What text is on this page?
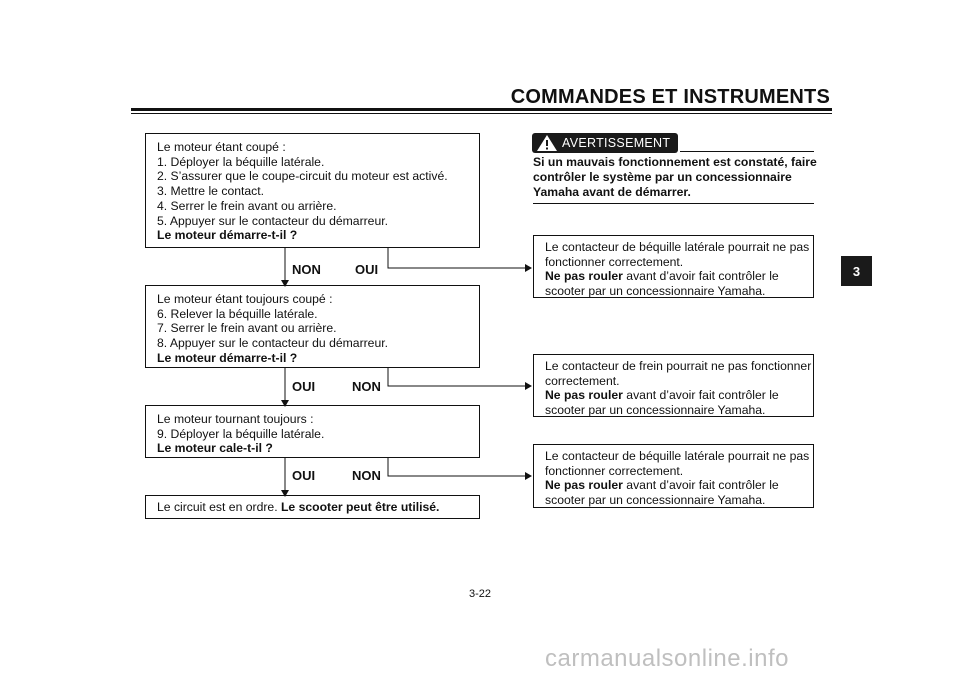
COMMANDES ET INSTRUMENTS
3

Le moteur étant coupé :

1. Déployer la béquille latérale.

2. S’assurer que le coupe-circuit du moteur est activé.

3. Mettre le contact.

4. Serrer le frein avant ou arrière.

5. Appuyer sur le contacteur du démarreur.

Le moteur démarre-t-il ?

NON	OUI

Le moteur étant toujours coupé :

6. Relever la béquille latérale.

7. Serrer le frein avant ou arrière.

8. Appuyer sur le contacteur du démarreur.

Le moteur démarre-t-il ?

OUI	NON

Le moteur tournant toujours :

9. Déployer la béquille latérale.

Le moteur cale-t-il ?

OUI	NON

Le circuit est en ordre. Le scooter peut être utilisé.

AVERTISSEMENT
Si un mauvais fonctionnement est constaté, faire contrôler le système par un concessionnaire Yamaha avant de démarrer.

Le contacteur de béquille latérale pourrait ne pas

fonctionner correctement.

Ne pas rouler avant d’avoir fait contrôler le

scooter par un concessionnaire Yamaha.

Le contacteur de frein pourrait ne pas fonctionner

correctement.

Ne pas rouler avant d’avoir fait contrôler le

scooter par un concessionnaire Yamaha.

Le contacteur de béquille latérale pourrait ne pas

fonctionner correctement.

Ne pas rouler avant d’avoir fait contrôler le

scooter par un concessionnaire Yamaha.

3-22
carmanualsonline.info
